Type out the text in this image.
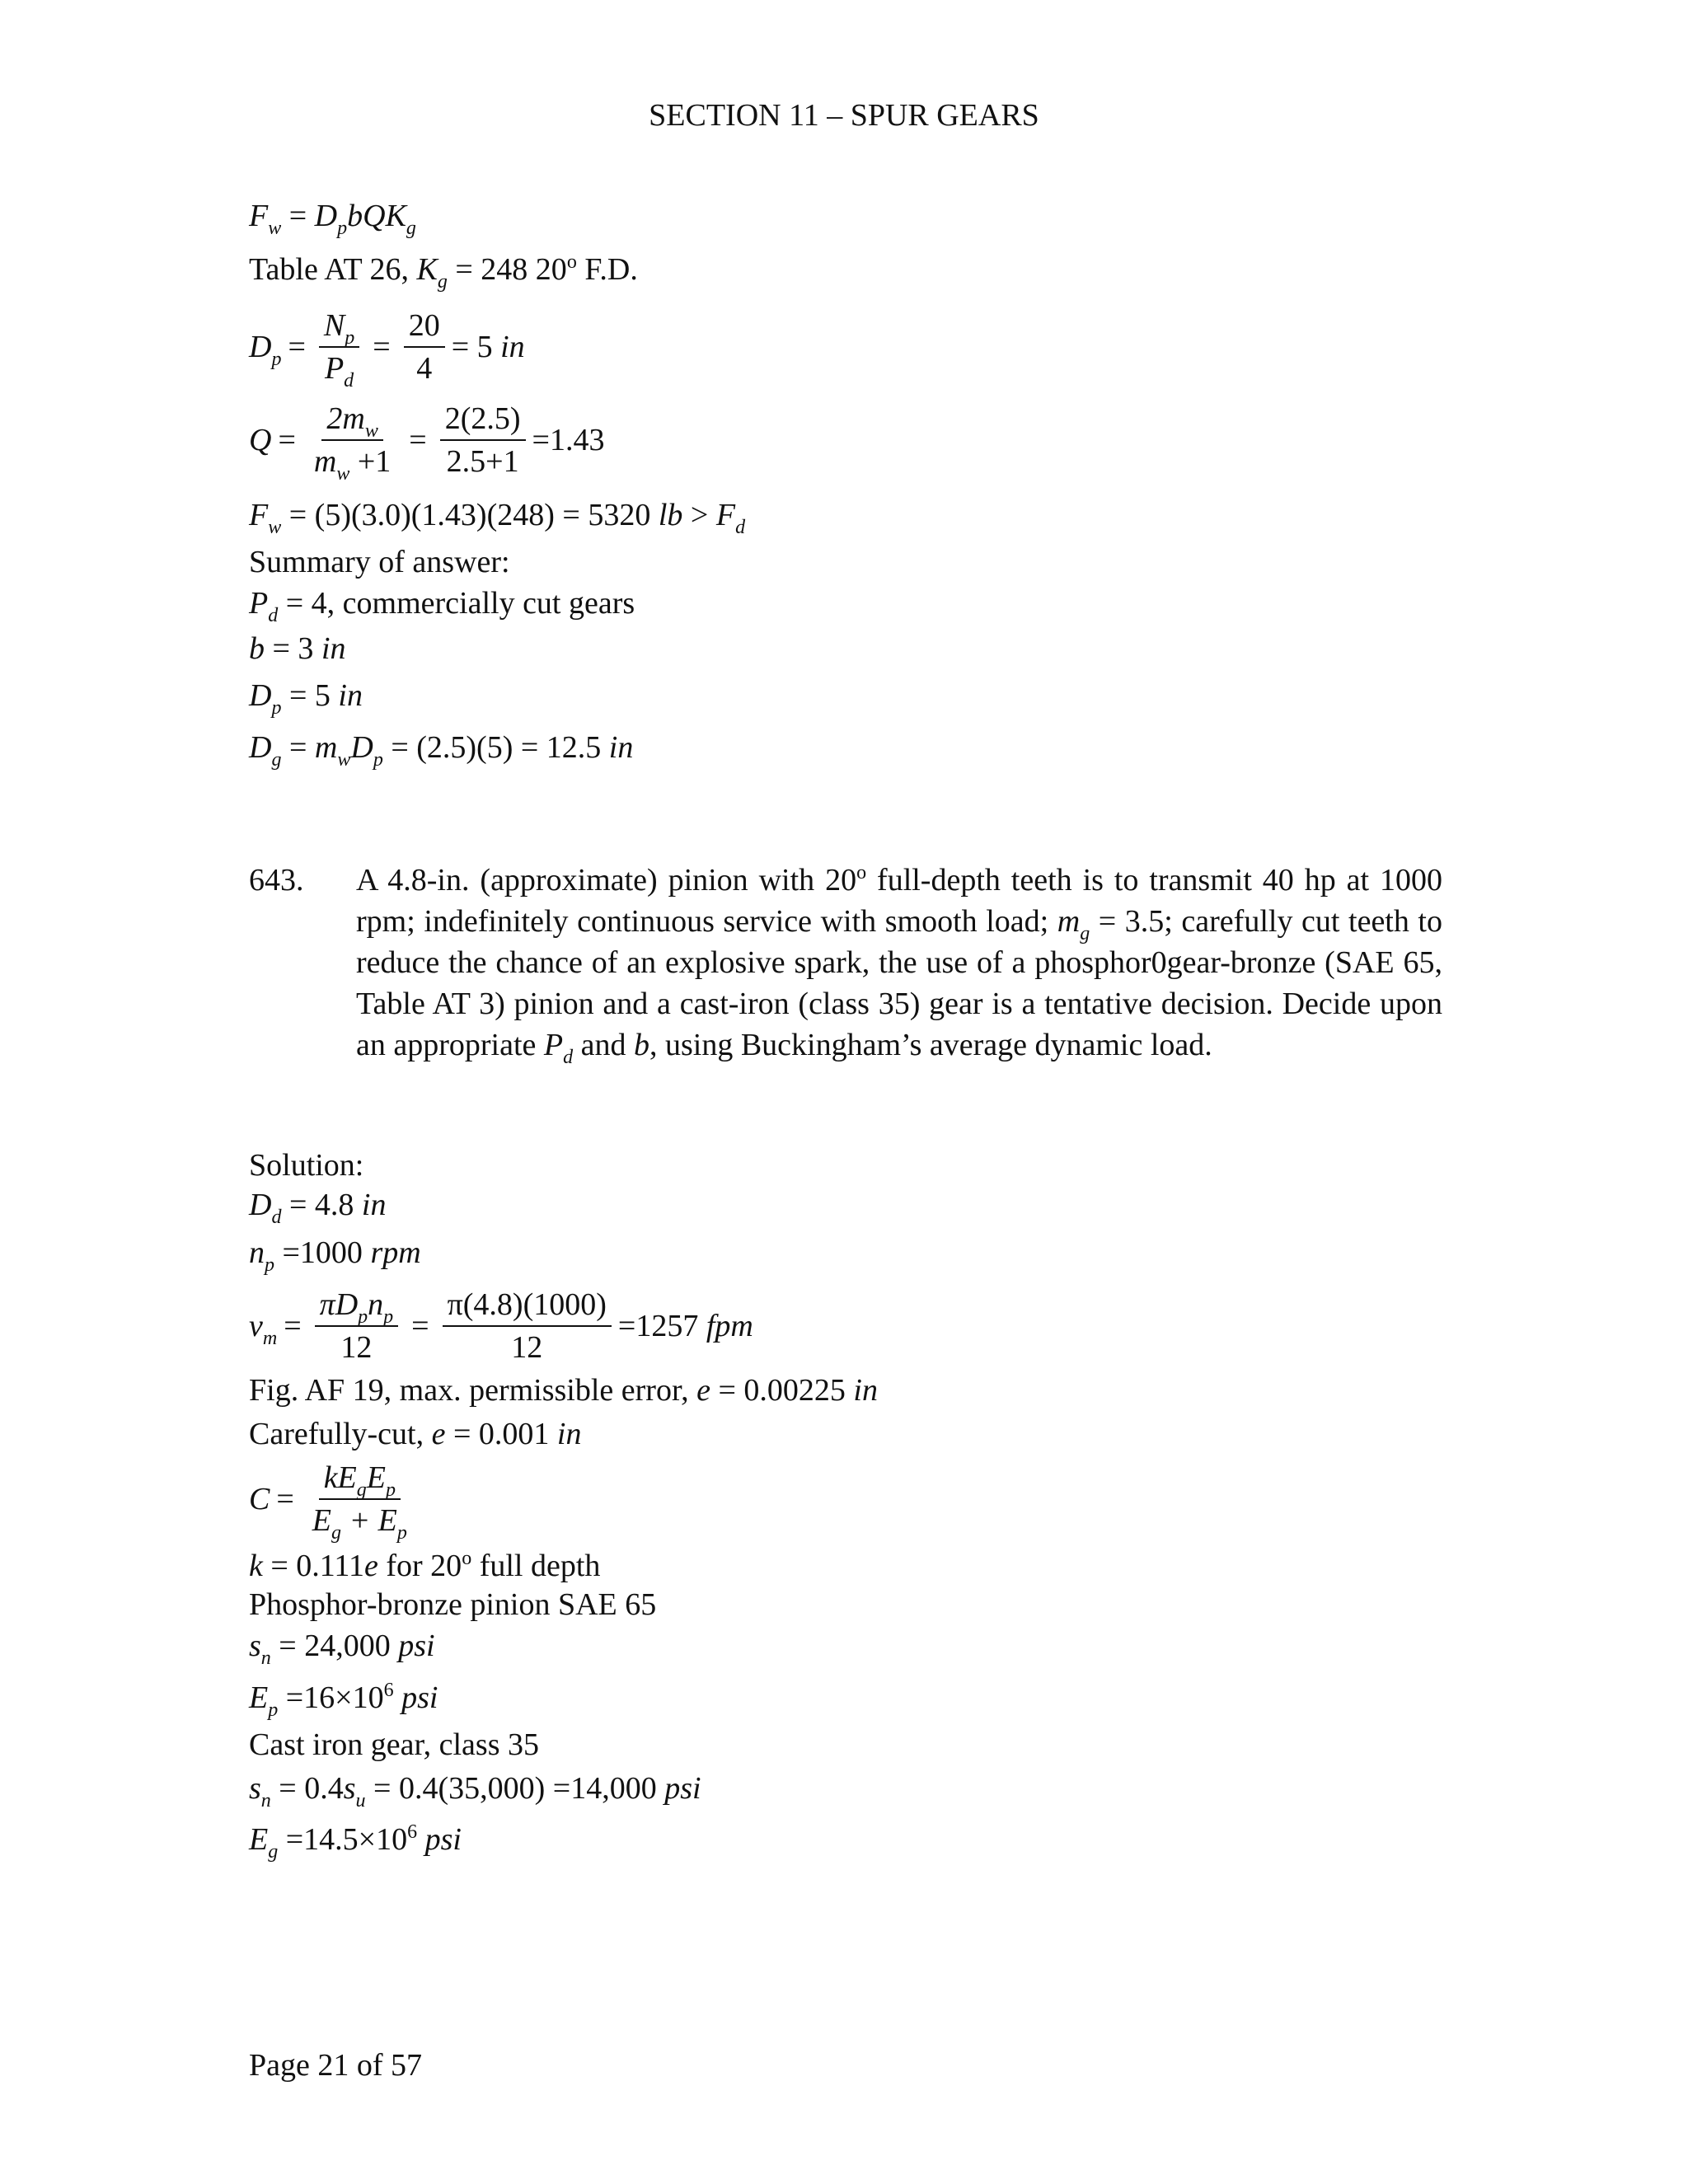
SECTION 11 – SPUR GEARS
$F_w = D_pbQK_g$
Table AT 26, $K_g = 248$ 20$^o$ F.D.
$D_p = \frac{N_p}{P_d} = \frac{20}{4} = 5$
in
$Q = \frac{2m_w}{m_w +1} = \frac{2(2.5)}{2.5+1} =1.43$
$F_w = (5)(3.0)(1.43)(248) = 5320$ lb > $F_d$
Summary of answer:
$P_d = 4$, commercially cut gears
b = 3 in
$D_p = 5$ in
$D_g = m_wD_p = (2.5)(5) = 12.5$ in
643. A 4.8-in. (approximate) pinion with 20$^o$ full-depth teeth is to transmit 40 hp at 1000 rpm; indefinitely continuous service with smooth load; $m_g = 3.5$; carefully cut teeth to reduce the chance of an explosive spark, the use of a phosphor0gear-bronze (SAE 65, Table AT 3) pinion and a cast-iron (class 35) gear is a tentative decision. Decide upon an appropriate $P_d$ and b, using Buckingham’s average dynamic load.
Solution:
$D_d = 4.8$ in
$n_p =1000$ rpm
$v_m = \frac{\pi D_pn_p}{12} = \frac{\pi(4.8)(1000)}{12} =1257$
fpm
Fig. AF 19, max. permissible error, e = 0.00225 in
Carefully-cut, e = 0.001 in
$C = \frac{kE_gE_p}{E_g + E_p}$
k = 0.111e for 20$^o$ full depth
Phosphor-bronze pinion SAE 65
$s_n = 24,000$ psi
$E_p =16\times 10^6$ psi
Cast iron gear, class 35
$s_n = 0.4s_u = 0.4(35,000) =14,000$ psi
$E_g =14.5\times 10^6$ psi
Page 21 of 57
